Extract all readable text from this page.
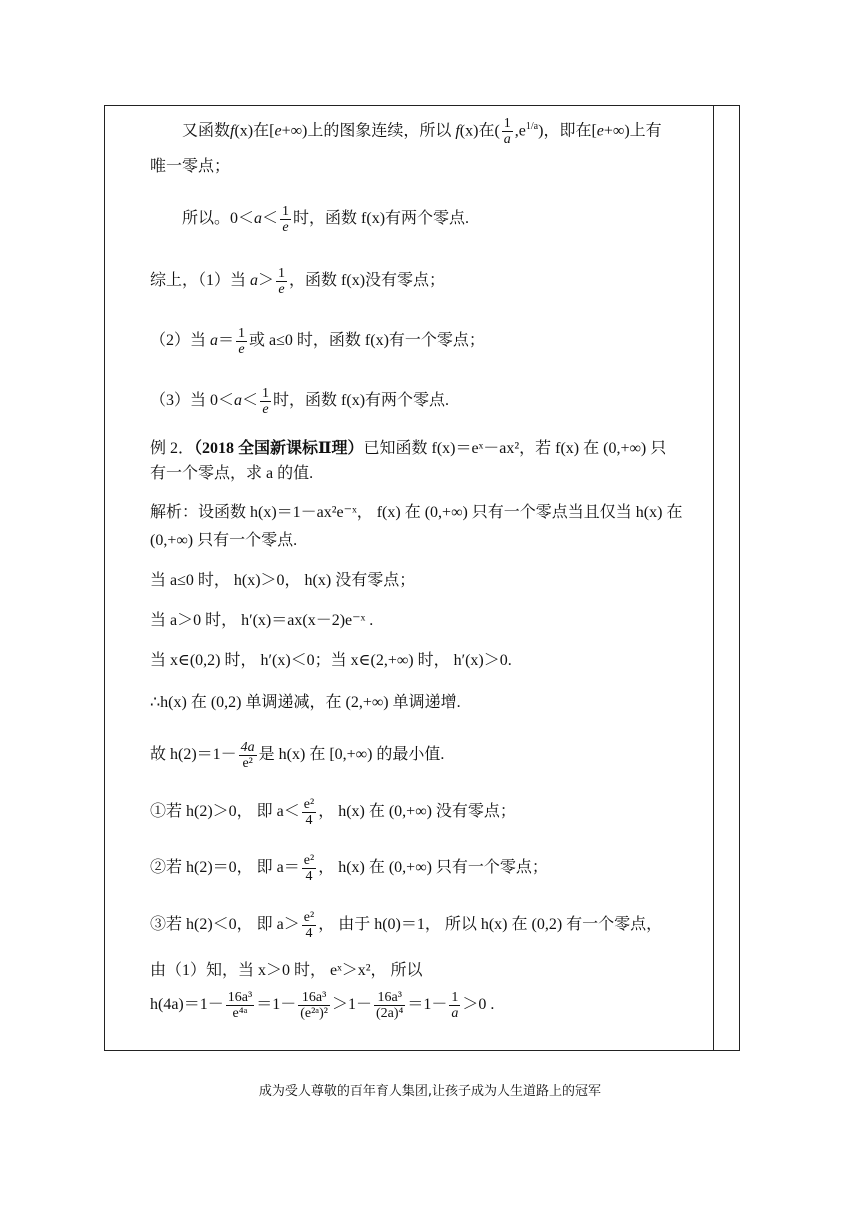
又函数f(x)在[e+∞)上的图象连续，所以 f(x)在( $\frac{1}{a} ,e^{1/a}$)，即在[e+∞)上有
唯一零点；
所以。$0<a< \frac{1}{e}$ 时，函数 f(x)有两个零点.
综上，（1）当 $a> \frac{1}{e}$ ，函数 f(x)没有零点；
（2）当 $a= \frac{1}{e}$ 或 a≤0 时，函数 f(x)有一个零点；
（3）当 $0<a< \frac{1}{e}$ 时，函数 f(x)有两个零点.
例 2．（2018 全国新课标Ⅱ理）已知函数 f(x)＝eˣ－ax²，若 f(x) 在 (0,+∞) 只
有一个零点，求 a 的值.
解析：设函数 h(x)＝1－ax²e⁻ˣ， f(x) 在 (0,+∞) 只有一个零点当且仅当 h(x) 在
(0,+∞) 只有一个零点.
当 a≤0 时， h(x)＞0， h(x) 没有零点；
当 a＞0 时， h′(x)＝ax(x－2)e⁻ˣ .
当 x∈(0,2) 时， h′(x)＜0；当 x∈(2,+∞) 时， h′(x)＞0.
∴h(x) 在 (0,2) 单调递减，在 (2,+∞) 单调递增.
故 $h(2)=1- \frac{4a}{\text{e²}}$ 是 h(x) 在 [0,+∞) 的最小值.
①若 h(2)＞0， 即 $a< \frac{\text{e²}}{4}$ ， h(x) 在 (0,+∞) 没有零点；
②若 h(2)＝0， 即 $a= \frac{\text{e²}}{4}$ ， h(x) 在 (0,+∞) 只有一个零点；
③若 h(2)＜0， 即 $a> \frac{\text{e²}}{4}$ ， 由于 h(0)＝1， 所以 h(x) 在 (0,2) 有一个零点，
由（1）知，当 x＞0 时， eˣ＞x²， 所以
$h(4a)=1- \frac{\text{16a³}}{\text{e⁴ᵃ}} =1- \frac{\text{16a³}}{\text{(e²ᵃ)²}} >1- \frac{\text{16a³}}{\text{(2a)⁴}} =1- \frac{1}{a} >0$ .
成为受人尊敬的百年育人集团,让孩子成为人生道路上的冠军
